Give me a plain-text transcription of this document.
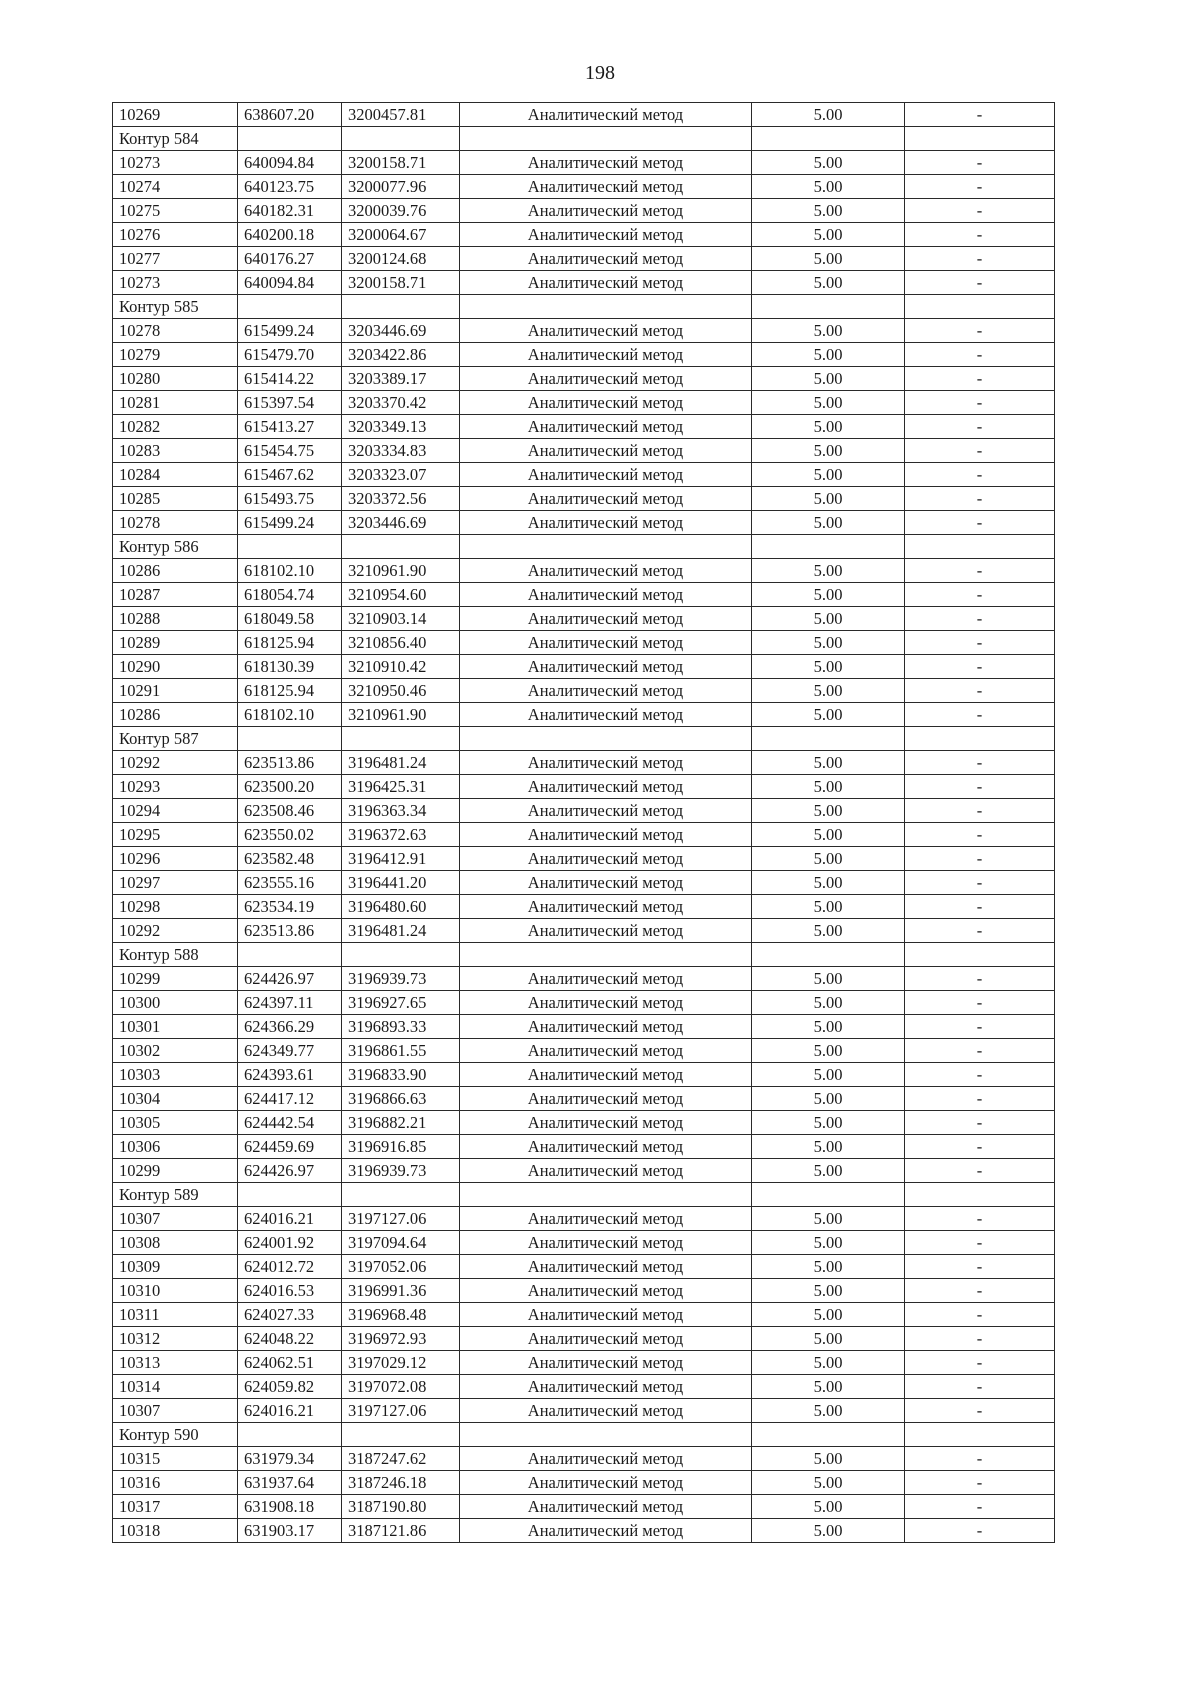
198
10269	638607.20	3200457.81	Аналитический метод	5.00	-
Контур 584					
10273	640094.84	3200158.71	Аналитический метод	5.00	-
10274	640123.75	3200077.96	Аналитический метод	5.00	-
10275	640182.31	3200039.76	Аналитический метод	5.00	-
10276	640200.18	3200064.67	Аналитический метод	5.00	-
10277	640176.27	3200124.68	Аналитический метод	5.00	-
10273	640094.84	3200158.71	Аналитический метод	5.00	-
Контур 585					
10278	615499.24	3203446.69	Аналитический метод	5.00	-
10279	615479.70	3203422.86	Аналитический метод	5.00	-
10280	615414.22	3203389.17	Аналитический метод	5.00	-
10281	615397.54	3203370.42	Аналитический метод	5.00	-
10282	615413.27	3203349.13	Аналитический метод	5.00	-
10283	615454.75	3203334.83	Аналитический метод	5.00	-
10284	615467.62	3203323.07	Аналитический метод	5.00	-
10285	615493.75	3203372.56	Аналитический метод	5.00	-
10278	615499.24	3203446.69	Аналитический метод	5.00	-
Контур 586					
10286	618102.10	3210961.90	Аналитический метод	5.00	-
10287	618054.74	3210954.60	Аналитический метод	5.00	-
10288	618049.58	3210903.14	Аналитический метод	5.00	-
10289	618125.94	3210856.40	Аналитический метод	5.00	-
10290	618130.39	3210910.42	Аналитический метод	5.00	-
10291	618125.94	3210950.46	Аналитический метод	5.00	-
10286	618102.10	3210961.90	Аналитический метод	5.00	-
Контур 587					
10292	623513.86	3196481.24	Аналитический метод	5.00	-
10293	623500.20	3196425.31	Аналитический метод	5.00	-
10294	623508.46	3196363.34	Аналитический метод	5.00	-
10295	623550.02	3196372.63	Аналитический метод	5.00	-
10296	623582.48	3196412.91	Аналитический метод	5.00	-
10297	623555.16	3196441.20	Аналитический метод	5.00	-
10298	623534.19	3196480.60	Аналитический метод	5.00	-
10292	623513.86	3196481.24	Аналитический метод	5.00	-
Контур 588					
10299	624426.97	3196939.73	Аналитический метод	5.00	-
10300	624397.11	3196927.65	Аналитический метод	5.00	-
10301	624366.29	3196893.33	Аналитический метод	5.00	-
10302	624349.77	3196861.55	Аналитический метод	5.00	-
10303	624393.61	3196833.90	Аналитический метод	5.00	-
10304	624417.12	3196866.63	Аналитический метод	5.00	-
10305	624442.54	3196882.21	Аналитический метод	5.00	-
10306	624459.69	3196916.85	Аналитический метод	5.00	-
10299	624426.97	3196939.73	Аналитический метод	5.00	-
Контур 589					
10307	624016.21	3197127.06	Аналитический метод	5.00	-
10308	624001.92	3197094.64	Аналитический метод	5.00	-
10309	624012.72	3197052.06	Аналитический метод	5.00	-
10310	624016.53	3196991.36	Аналитический метод	5.00	-
10311	624027.33	3196968.48	Аналитический метод	5.00	-
10312	624048.22	3196972.93	Аналитический метод	5.00	-
10313	624062.51	3197029.12	Аналитический метод	5.00	-
10314	624059.82	3197072.08	Аналитический метод	5.00	-
10307	624016.21	3197127.06	Аналитический метод	5.00	-
Контур 590					
10315	631979.34	3187247.62	Аналитический метод	5.00	-
10316	631937.64	3187246.18	Аналитический метод	5.00	-
10317	631908.18	3187190.80	Аналитический метод	5.00	-
10318	631903.17	3187121.86	Аналитический метод	5.00	-
